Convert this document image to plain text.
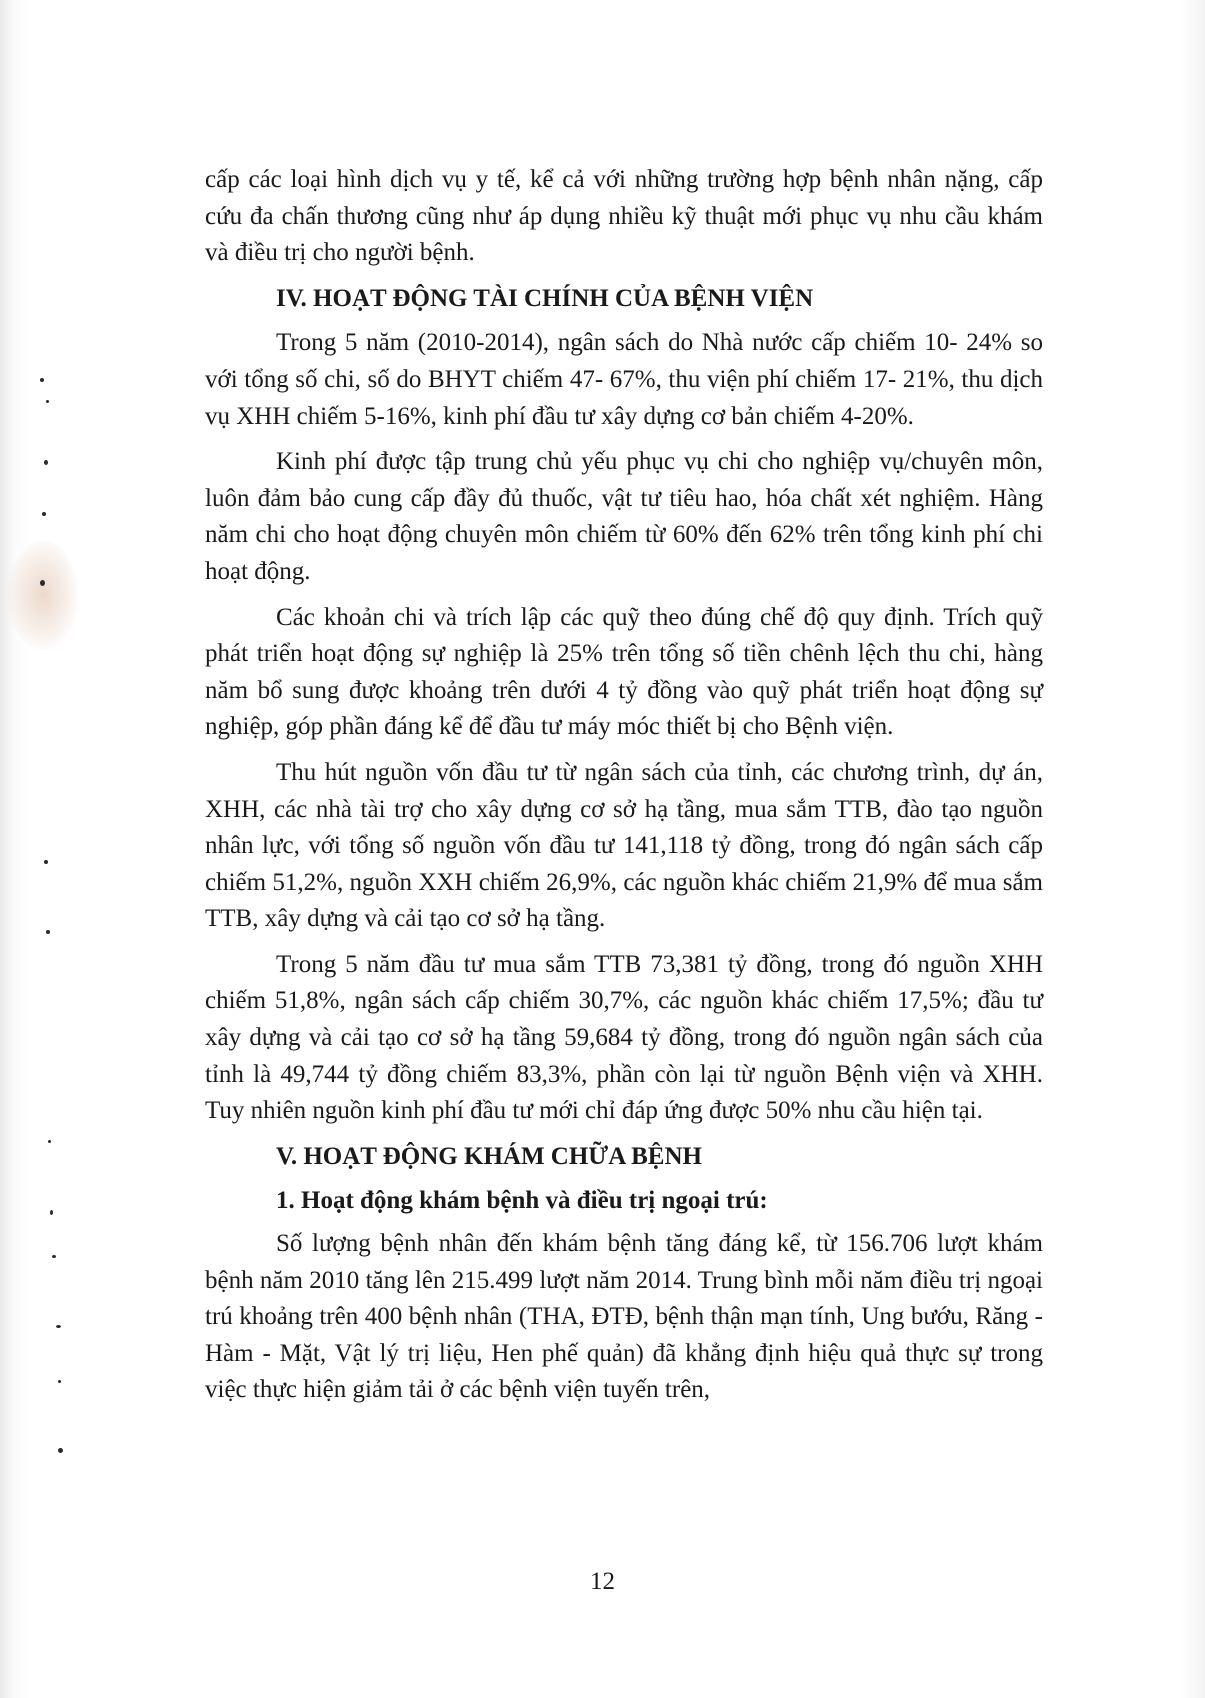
cấp các loại hình dịch vụ y tế, kể cả với những trường hợp bệnh nhân nặng, cấp cứu đa chấn thương cũng như áp dụng nhiều kỹ thuật mới phục vụ nhu cầu khám và điều trị cho người bệnh.

IV. HOẠT ĐỘNG TÀI CHÍNH CỦA BỆNH VIỆN

Trong 5 năm (2010-2014), ngân sách do Nhà nước cấp chiếm 10- 24% so với tổng số chi, số do BHYT chiếm 47- 67%, thu viện phí chiếm 17- 21%, thu dịch vụ XHH chiếm 5-16%, kinh phí đầu tư xây dựng cơ bản chiếm 4-20%.

Kinh phí được tập trung chủ yếu phục vụ chi cho nghiệp vụ/chuyên môn, luôn đảm bảo cung cấp đầy đủ thuốc, vật tư tiêu hao, hóa chất xét nghiệm. Hàng năm chi cho hoạt động chuyên môn chiếm từ 60% đến 62% trên tổng kinh phí chi hoạt động.

Các khoản chi và trích lập các quỹ theo đúng chế độ quy định. Trích quỹ phát triển hoạt động sự nghiệp là 25% trên tổng số tiền chênh lệch thu chi, hàng năm bổ sung được khoảng trên dưới 4 tỷ đồng vào quỹ phát triển hoạt động sự nghiệp, góp phần đáng kể để đầu tư máy móc thiết bị cho Bệnh viện.

Thu hút nguồn vốn đầu tư từ ngân sách của tỉnh, các chương trình, dự án, XHH, các nhà tài trợ cho xây dựng cơ sở hạ tầng, mua sắm TTB, đào tạo nguồn nhân lực, với tổng số nguồn vốn đầu tư 141,118 tỷ đồng, trong đó ngân sách cấp chiếm 51,2%, nguồn XXH chiếm 26,9%, các nguồn khác chiếm 21,9% để mua sắm TTB, xây dựng và cải tạo cơ sở hạ tầng.

Trong 5 năm đầu tư mua sắm TTB 73,381 tỷ đồng, trong đó nguồn XHH chiếm 51,8%, ngân sách cấp chiếm 30,7%, các nguồn khác chiếm 17,5%; đầu tư xây dựng và cải tạo cơ sở hạ tầng 59,684 tỷ đồng, trong đó nguồn ngân sách của tỉnh là 49,744 tỷ đồng chiếm 83,3%, phần còn lại từ nguồn Bệnh viện và XHH. Tuy nhiên nguồn kinh phí đầu tư mới chỉ đáp ứng được 50% nhu cầu hiện tại.

V. HOẠT ĐỘNG KHÁM CHỮA BỆNH
1. Hoạt động khám bệnh và điều trị ngoại trú:

Số lượng bệnh nhân đến khám bệnh tăng đáng kể, từ 156.706 lượt khám bệnh năm 2010 tăng lên 215.499 lượt năm 2014. Trung bình mỗi năm điều trị ngoại trú khoảng trên 400 bệnh nhân (THA, ĐTĐ, bệnh thận mạn tính, Ung bướu, Răng - Hàm - Mặt, Vật lý trị liệu, Hen phế quản) đã khẳng định hiệu quả thực sự trong việc thực hiện giảm tải ở các bệnh viện tuyến trên,

12
